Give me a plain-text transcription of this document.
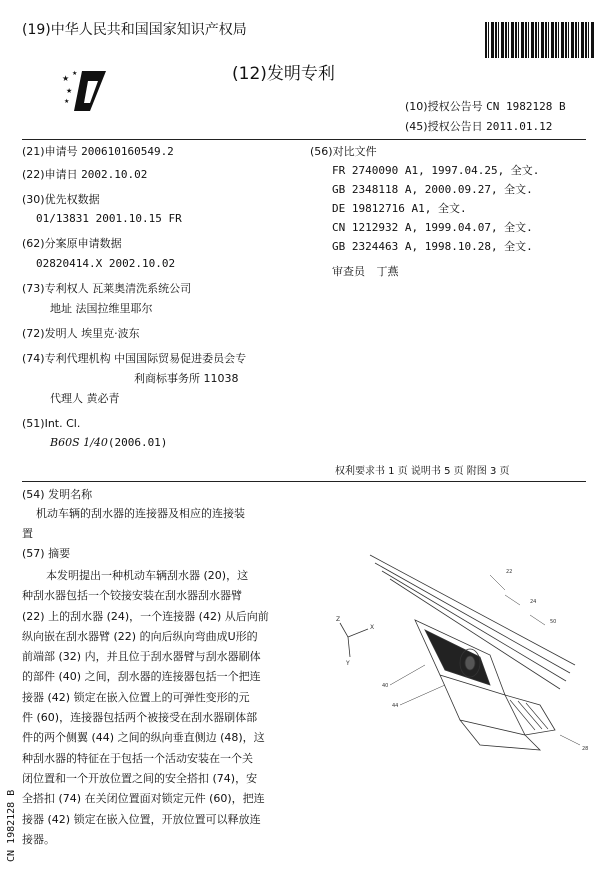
(19)中华人民共和国国家知识产权局
★
★
★
★
(12)发明专利
(10)授权公告号 CN 1982128 B
(45)授权公告日 2011.01.12
(21)申请号 200610160549.2
(22)申请日 2002.10.02
(30)优先权数据
01/13831 2001.10.15 FR
(62)分案原申请数据
02820414.X 2002.10.02
(73)专利权人 瓦莱奥清洗系统公司
地址 法国拉维里耶尔
(72)发明人 埃里克·波东
(74)专利代理机构 中国国际贸易促进委员会专
利商标事务所 11038
代理人 黄必青
(51)Int. Cl.
B60S 1/40(2006.01)
(56)对比文件
FR 2740090 A1, 1997.04.25, 全文.
GB 2348118 A, 2000.09.27, 全文.
DE 19812716 A1, 全文.
CN 1212932 A, 1999.04.07, 全文.
GB 2324463 A, 1998.10.28, 全文.
审查员 丁燕
权利要求书 1 页 说明书 5 页 附图 3 页
(54) 发明名称
机动车辆的刮水器的连接器及相应的连接装
置
(57) 摘要

本发明提出一种机动车辆刮水器 (20)，这

种刮水器包括一个铰接安装在刮水器刮水器臂

(22) 上的刮水器 (24)，一个连接器 (42) 从后向前

纵向嵌在刮水器臂 (22) 的向后纵向弯曲成U形的

前端部 (32) 内，并且位于刮水器臂与刮水器刷体

的部件 (40) 之间，刮水器的连接器包括一个把连

接器 (42) 锁定在嵌入位置上的可弹性变形的元

件 (60)，连接器包括两个被接受在刮水器刷体部

件的两个侧翼 (44) 之间的纵向垂直侧边 (48)，这

种刮水器的特征在于包括一个活动安装在一个关

闭位置和一个开放位置之间的安全搭扣 (74)，安

全搭扣 (74) 在关闭位置面对锁定元件 (60)，把连

接器 (42) 锁定在嵌入位置，开放位置可以释放连

接器。

Z
X
Y
22
24
50
40
44
28
CN 1982128 B
